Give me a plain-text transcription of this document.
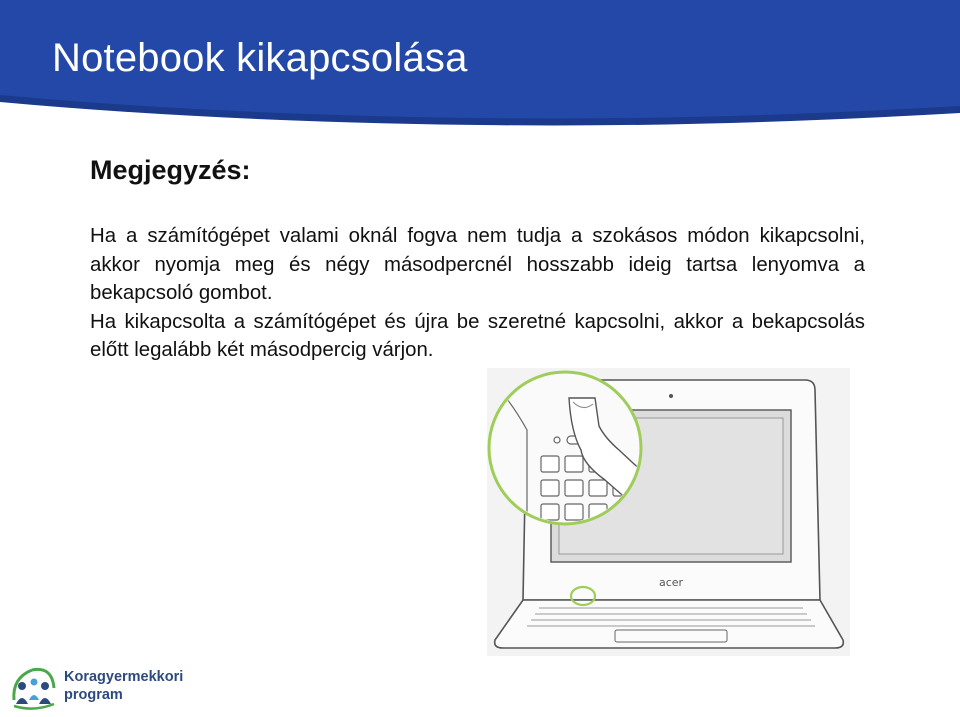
Notebook kikapcsolása
Megjegyzés:

Ha a számítógépet valami oknál fogva nem tudja a szokásos módon kikapcsolni, akkor nyomja meg és négy másodpercnél hosszabb ideig tartsa lenyomva a bekapcsoló gombot.

Ha kikapcsolta a számítógépet és újra be szeretné kapcsolni, akkor a bekapcsolás előtt legalább két másodpercig várjon.

acer
Koragyermekkori
program
